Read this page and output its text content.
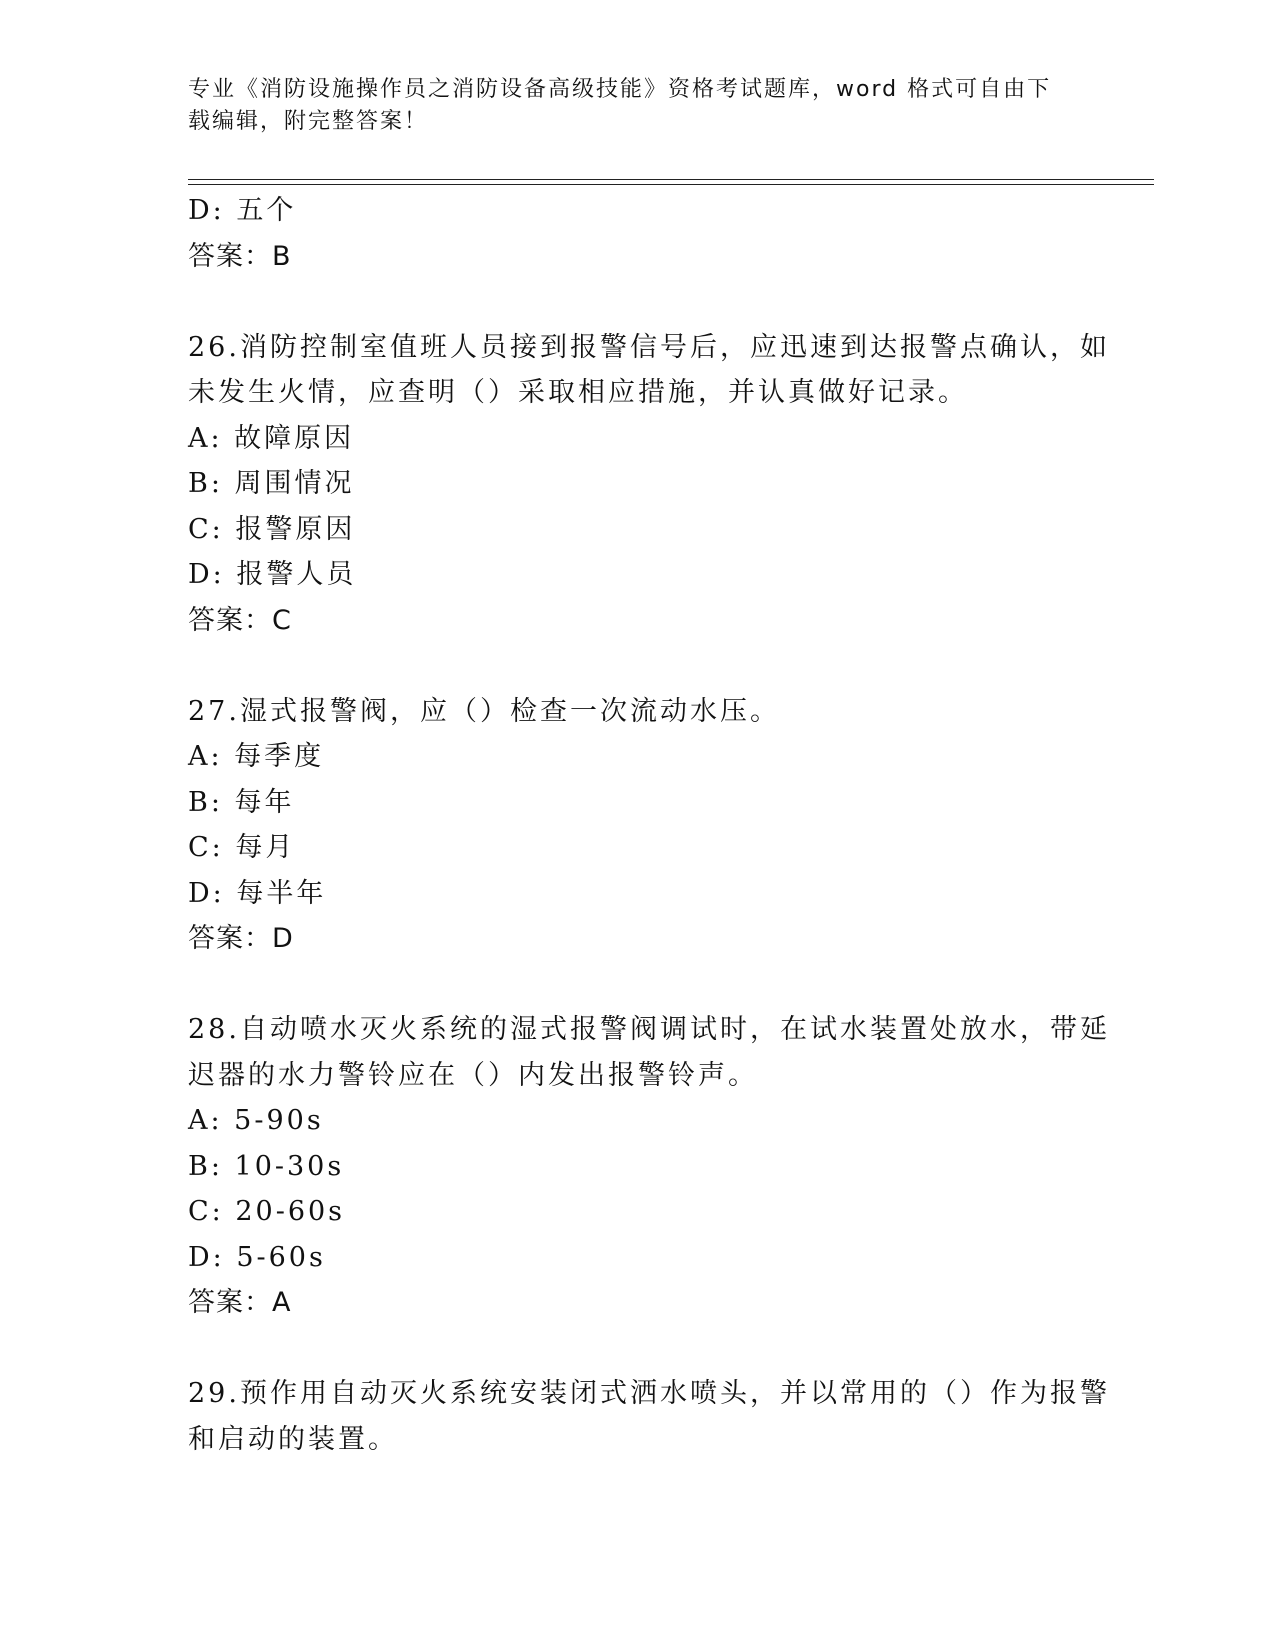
专业《消防设施操作员之消防设备高级技能》资格考试题库，word 格式可自由下载编辑，附完整答案！
D: 五个
答案：B
26.消防控制室值班人员接到报警信号后，应迅速到达报警点确认，如
未发生火情，应查明（）采取相应措施，并认真做好记录。
A: 故障原因
B: 周围情况
C: 报警原因
D: 报警人员
答案：C
27.湿式报警阀，应（）检查一次流动水压。
A: 每季度
B: 每年
C: 每月
D: 每半年
答案：D
28.自动喷水灭火系统的湿式报警阀调试时，在试水装置处放水，带延
迟器的水力警铃应在（）内发出报警铃声。
A: 5-90s
B: 10-30s
C: 20-60s
D: 5-60s
答案：A
29.预作用自动灭火系统安装闭式洒水喷头，并以常用的（）作为报警
和启动的装置。
